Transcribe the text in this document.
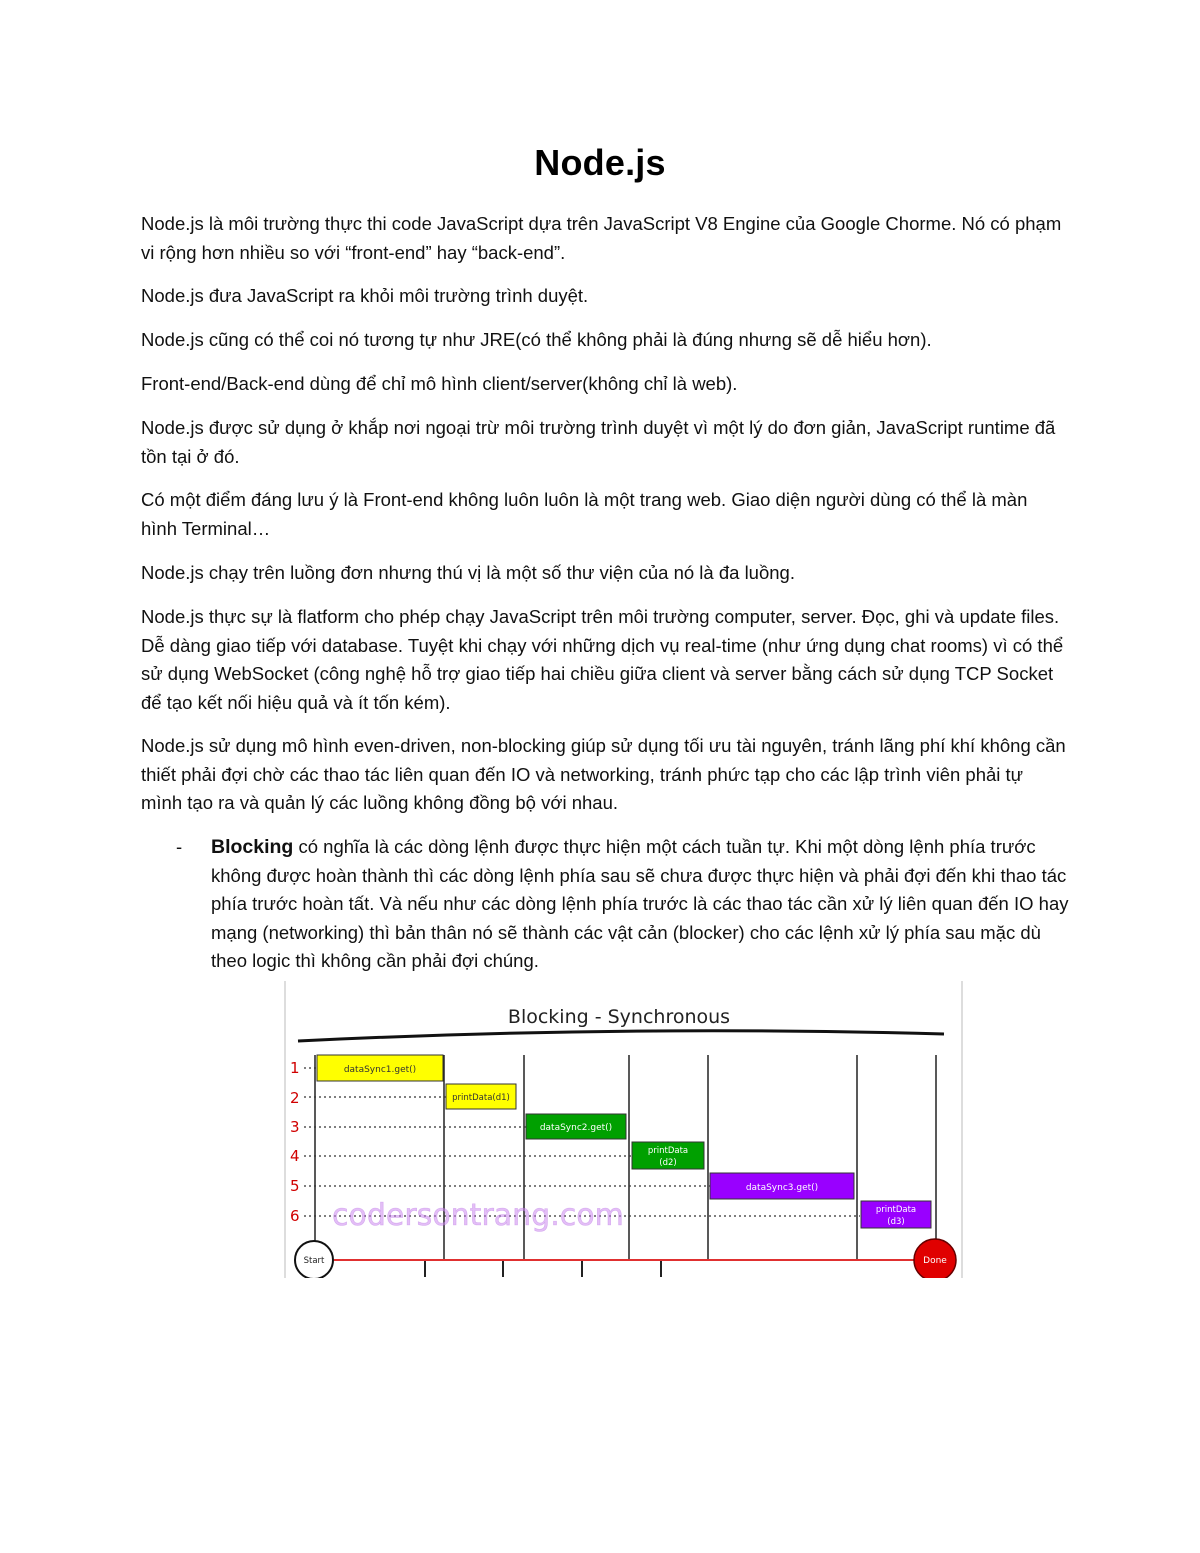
Node.js

Node.js là môi trường thực thi code JavaScript dựa trên JavaScript V8 Engine của Google Chorme. Nó có phạm vi rộng hơn nhiều so với “front-end” hay “back-end”.

Node.js đưa JavaScript ra khỏi môi trường trình duyệt.

Node.js cũng có thể coi nó tương tự như JRE(có thể không phải là đúng nhưng sẽ dễ hiểu hơn).

Front-end/Back-end dùng để chỉ mô hình client/server(không chỉ là web).

Node.js được sử dụng ở khắp nơi ngoại trừ môi trường trình duyệt vì một lý do đơn giản, JavaScript runtime đã tồn tại ở đó.

Có một điểm đáng lưu ý là Front-end không luôn luôn là một trang web. Giao diện người dùng có thể là màn hình Terminal…

Node.js chạy trên luồng đơn nhưng thú vị là một số thư viện của nó là đa luồng.

Node.js thực sự là flatform cho phép chạy JavaScript trên môi trường computer, server. Đọc, ghi và update files. Dễ dàng giao tiếp với database. Tuyệt khi chạy với những dịch vụ real-time (như ứng dụng chat rooms) vì có thể sử dụng WebSocket (công nghệ hỗ trợ giao tiếp hai chiều giữa client và server bằng cách sử dụng TCP Socket để tạo kết nối hiệu quả và ít tốn kém).

Node.js sử dụng mô hình even-driven, non-blocking giúp sử dụng tối ưu tài nguyên, tránh lãng phí khí không cần thiết phải đợi chờ các thao tác liên quan đến IO và networking, tránh phức tạp cho các lập trình viên phải tự mình tạo ra và quản lý các luồng không đồng bộ với nhau.

- Blocking có nghĩa là các dòng lệnh được thực hiện một cách tuần tự. Khi một dòng lệnh phía trước không được hoàn thành thì các dòng lệnh phía sau sẽ chưa được thực hiện và phải đợi đến khi thao tác phía trước hoàn tất. Và nếu như các dòng lệnh phía trước là các thao tác cần xử lý liên quan đến IO hay mạng (networking) thì bản thân nó sẽ thành các vật cản (blocker) cho các lệnh xử lý phía sau mặc dù theo logic thì không cần phải đợi chúng.

Blocking - Synchronous
1
2
3
4
5
6
dataSync1.get()
printData(d1)
dataSync2.get()
printData
(d2)
dataSync3.get()
printData
(d3)
codersontrang.com
Start	Done
